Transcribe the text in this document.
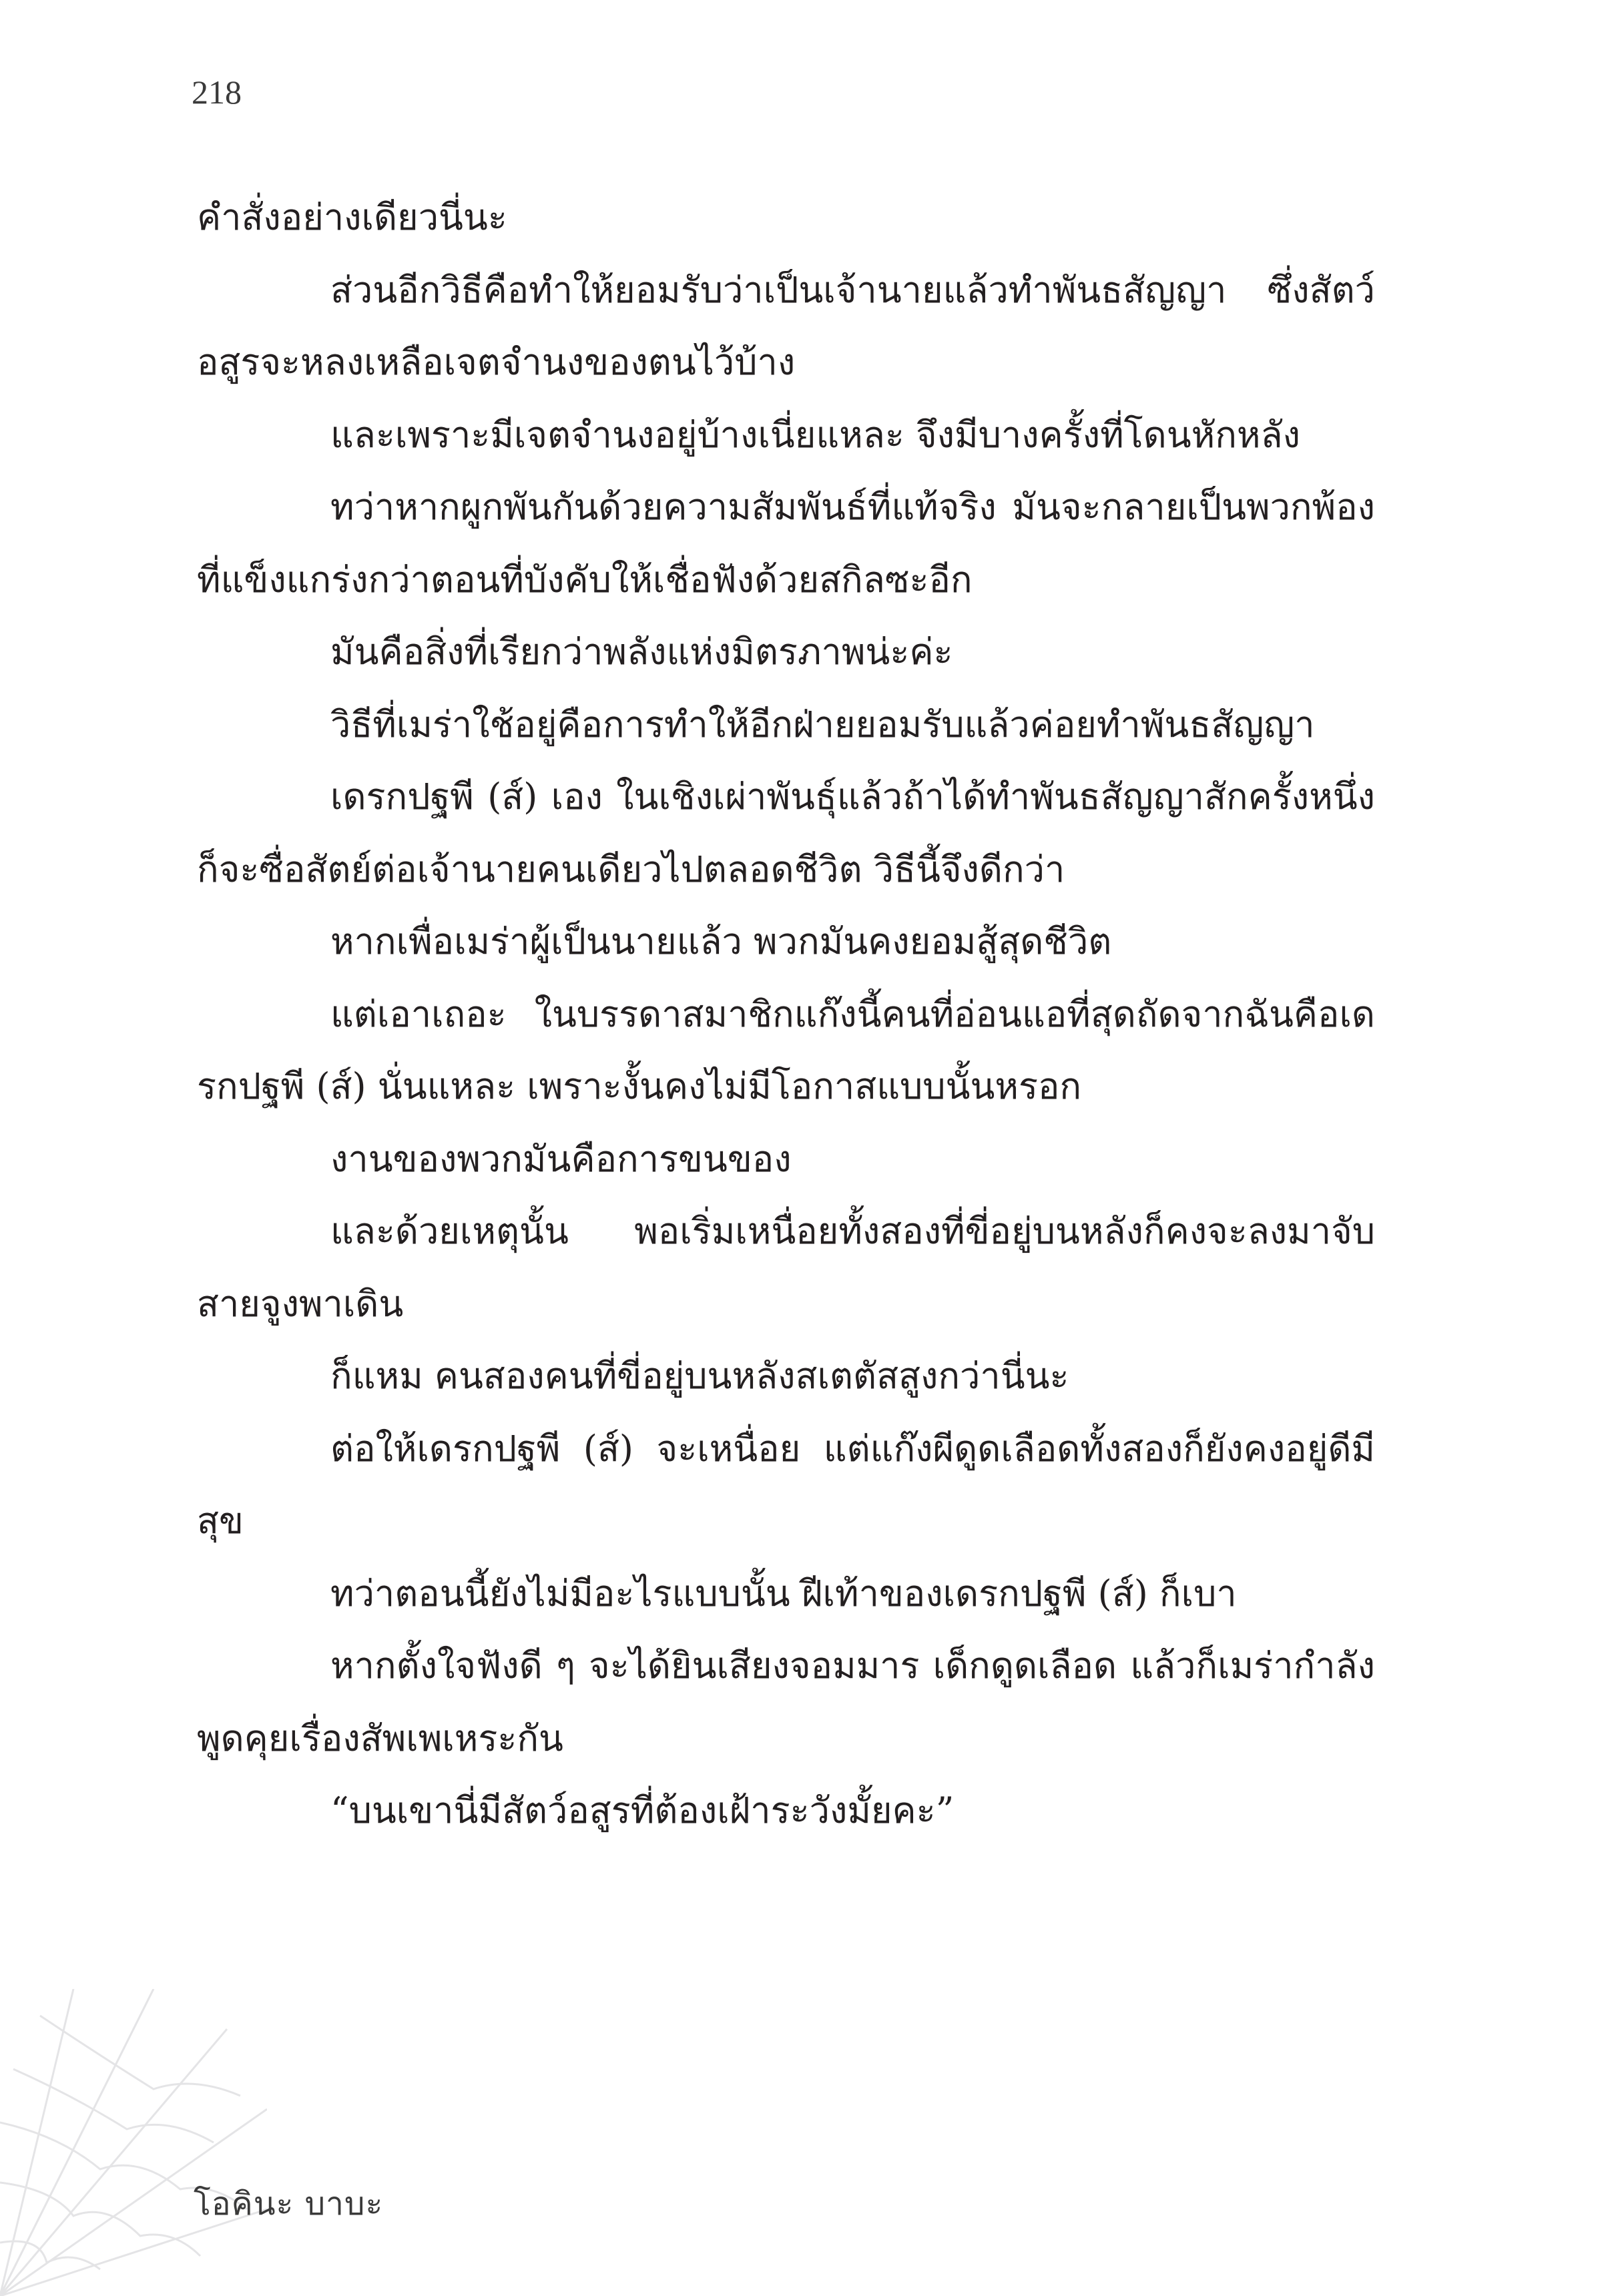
218

คำสั่งอย่างเดียวนี่นะ

ส่วนอีกวิธีคือทำให้ยอมรับว่าเป็นเจ้านายแล้วทำพันธสัญญา ซึ่งสัตว์อสูรจะหลงเหลือเจตจำนงของตนไว้บ้าง

และเพราะมีเจตจำนงอยู่บ้างเนี่ยแหละ จึงมีบางครั้งที่โดนหักหลัง

ทว่าหากผูกพันกันด้วยความสัมพันธ์ที่แท้จริง มันจะกลายเป็นพวกพ้องที่แข็งแกร่งกว่าตอนที่บังคับให้เชื่อฟังด้วยสกิลซะอีก

มันคือสิ่งที่เรียกว่าพลังแห่งมิตรภาพน่ะค่ะ

วิธีที่เมร่าใช้อยู่คือการทำให้อีกฝ่ายยอมรับแล้วค่อยทำพันธสัญญา

เดรกปฐพี (ส์) เอง ในเชิงเผ่าพันธุ์แล้วถ้าได้ทำพันธสัญญาสักครั้งหนึ่งก็จะซื่อสัตย์ต่อเจ้านายคนเดียวไปตลอดชีวิต วิธีนี้จึงดีกว่า

หากเพื่อเมร่าผู้เป็นนายแล้ว พวกมันคงยอมสู้สุดชีวิต

แต่เอาเถอะ ในบรรดาสมาชิกแก๊งนี้คนที่อ่อนแอที่สุดถัดจากฉันคือเดรกปฐพี (ส์) นั่นแหละ เพราะงั้นคงไม่มีโอกาสแบบนั้นหรอก

งานของพวกมันคือการขนของ

และด้วยเหตุนั้น พอเริ่มเหนื่อยทั้งสองที่ขี่อยู่บนหลังก็คงจะลงมาจับสายจูงพาเดิน

ก็แหม คนสองคนที่ขี่อยู่บนหลังสเตตัสสูงกว่านี่นะ

ต่อให้เดรกปฐพี (ส์) จะเหนื่อย แต่แก๊งผีดูดเลือดทั้งสองก็ยังคงอยู่ดีมีสุข

ทว่าตอนนี้ยังไม่มีอะไรแบบนั้น ฝีเท้าของเดรกปฐพี (ส์) ก็เบา

หากตั้งใจฟังดี ๆ จะได้ยินเสียงจอมมาร เด็กดูดเลือด แล้วก็เมร่ากำลังพูดคุยเรื่องสัพเพเหระกัน

“บนเขานี่มีสัตว์อสูรที่ต้องเฝ้าระวังมั้ยคะ”

โอคินะ บาบะ
